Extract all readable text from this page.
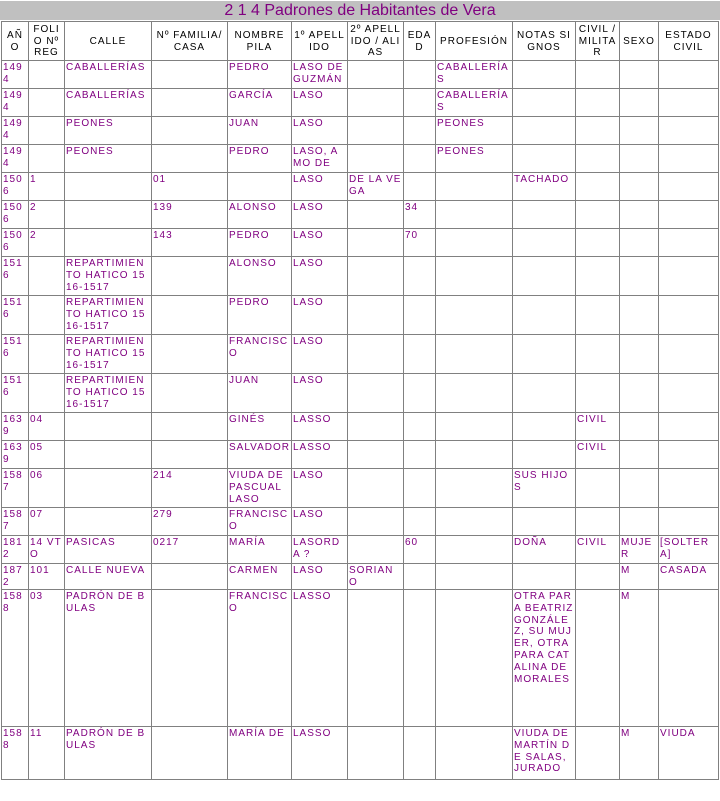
2 1 4 Padrones de Habitantes de Vera
AÑO	FOLIO Nº REG	CALLE	Nº FAMILIA/CASA	NOMBRE PILA	1º APELLIDO	2º APELLIDO / ALIAS	EDAD	PROFESIÓN	NOTAS SIGNOS	CIVIL / MILITAR	SEXO	ESTADO CIVIL
1494		CABALLERÍAS		PEDRO	LASO DE GUZMÁN			CABALLERÍAS				
1494		CABALLERÍAS		GARCÍA	LASO			CABALLERÍAS				
1494		PEONES		JUAN	LASO			PEONES				
1494		PEONES		PEDRO	LASO, AMO DE			PEONES				
1506	1		01		LASO	DE LA VEGA			TACHADO			
1506	2		139	ALONSO	LASO		34					
1506	2		143	PEDRO	LASO		70					
1516		REPARTIMIENTO HATICO 1516-1517		ALONSO	LASO							
1516		REPARTIMIENTO HATICO 1516-1517		PEDRO	LASO							
1516		REPARTIMIENTO HATICO 1516-1517		FRANCISCO	LASO							
1516		REPARTIMIENTO HATICO 1516-1517		JUAN	LASO							
1639	04			GINÉS	LASSO					CIVIL		
1639	05			SALVADOR	LASSO					CIVIL		
1587	06		214	VIUDA DE PASCUAL LASO	LASO				SUS HIJOS			
1587	07		279	FRANCISCO	LASO							
1812	14 VTO	PASICAS	0217	MARÍA	LASORDA ?		60		DOÑA	CIVIL	MUJER	[SOLTERA]
1872	101	CALLE NUEVA		CARMEN	LASO	SORIANO					M	CASADA
1588	03	PADRÓN DE BULAS		FRANCISCO	LASSO				OTRA PARA BEATRIZ GONZÁLEZ, SU MUJER, OTRA PARA CATALINA DE MORALES		M	
1588	11	PADRÓN DE BULAS		MARÍA DE	LASSO				VIUDA DE MARTÍN DE SALAS, JURADO		M	VIUDA
